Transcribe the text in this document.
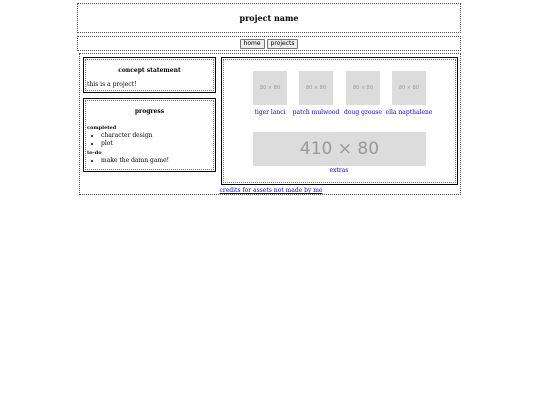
project name
home	projects
concept statement

this is a project!

progress
completed
• character design
• plot
to-do
• make the damn game!
80 × 80	80 × 80	80 × 80	80 × 80
tiger lanci	patch mulwood doug grouse ella napthalene
410 × 80
extras
credits for assets not made by me
